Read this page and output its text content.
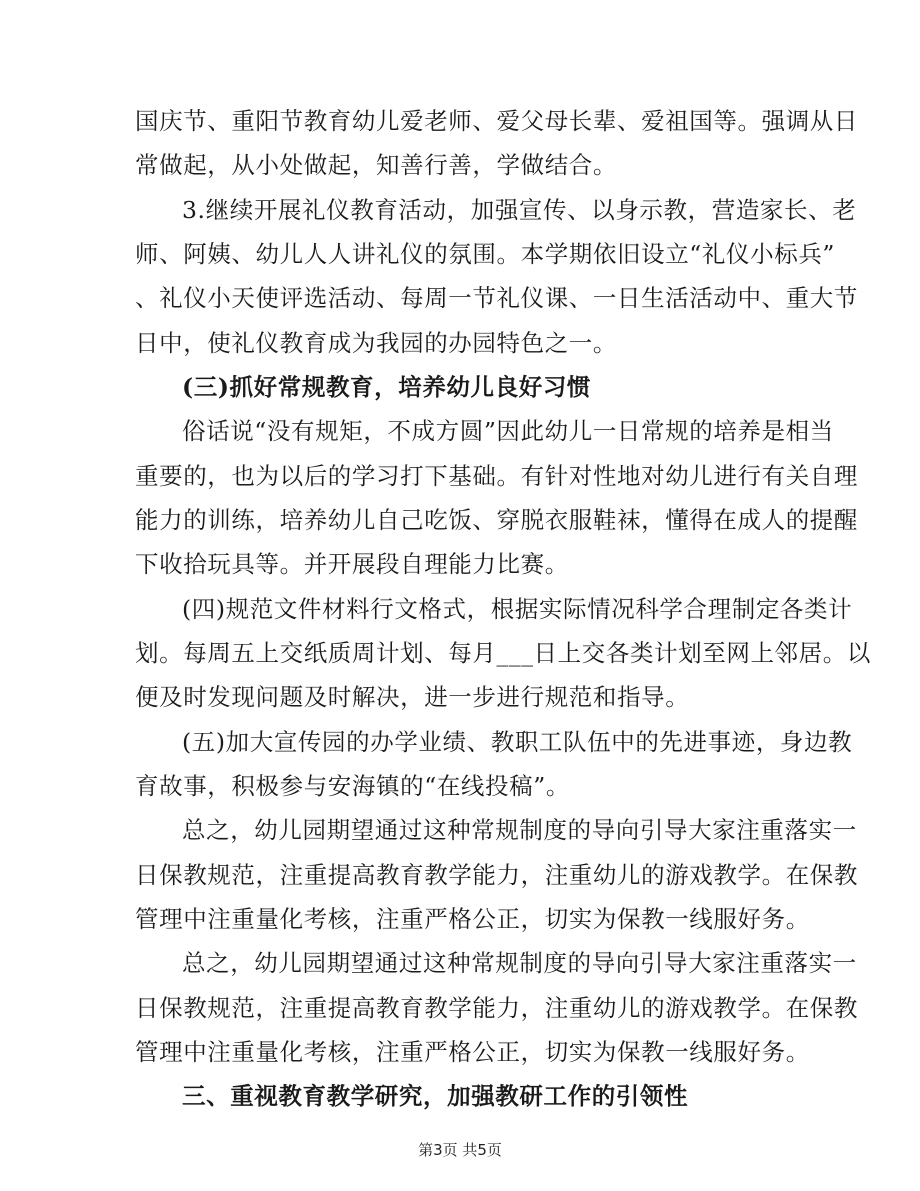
国庆节、重阳节教育幼儿爱老师、爱父母长辈、爱祖国等。强调从日
常做起，从小处做起，知善行善，学做结合。
3.继续开展礼仪教育活动，加强宣传、以身示教，营造家长、老
师、阿姨、幼儿人人讲礼仪的氛围。本学期依旧设立“礼仪小标兵”
、礼仪小天使评选活动、每周一节礼仪课、一日生活活动中、重大节
日中，使礼仪教育成为我园的办园特色之一。
(三)抓好常规教育，培养幼儿良好习惯
俗话说“没有规矩，不成方圆”因此幼儿一日常规的培养是相当
重要的，也为以后的学习打下基础。有针对性地对幼儿进行有关自理
能力的训练，培养幼儿自己吃饭、穿脱衣服鞋袜，懂得在成人的提醒
下收拾玩具等。并开展段自理能力比赛。
(四)规范文件材料行文格式，根据实际情况科学合理制定各类计
划。每周五上交纸质周计划、每月___日上交各类计划至网上邻居。以
便及时发现问题及时解决，进一步进行规范和指导。
(五)加大宣传园的办学业绩、教职工队伍中的先进事迹，身边教
育故事，积极参与安海镇的“在线投稿”。
总之，幼儿园期望通过这种常规制度的导向引导大家注重落实一
日保教规范，注重提高教育教学能力，注重幼儿的游戏教学。在保教
管理中注重量化考核，注重严格公正，切实为保教一线服好务。
总之，幼儿园期望通过这种常规制度的导向引导大家注重落实一
日保教规范，注重提高教育教学能力，注重幼儿的游戏教学。在保教
管理中注重量化考核，注重严格公正，切实为保教一线服好务。
三、重视教育教学研究，加强教研工作的引领性
第3页 共5页
